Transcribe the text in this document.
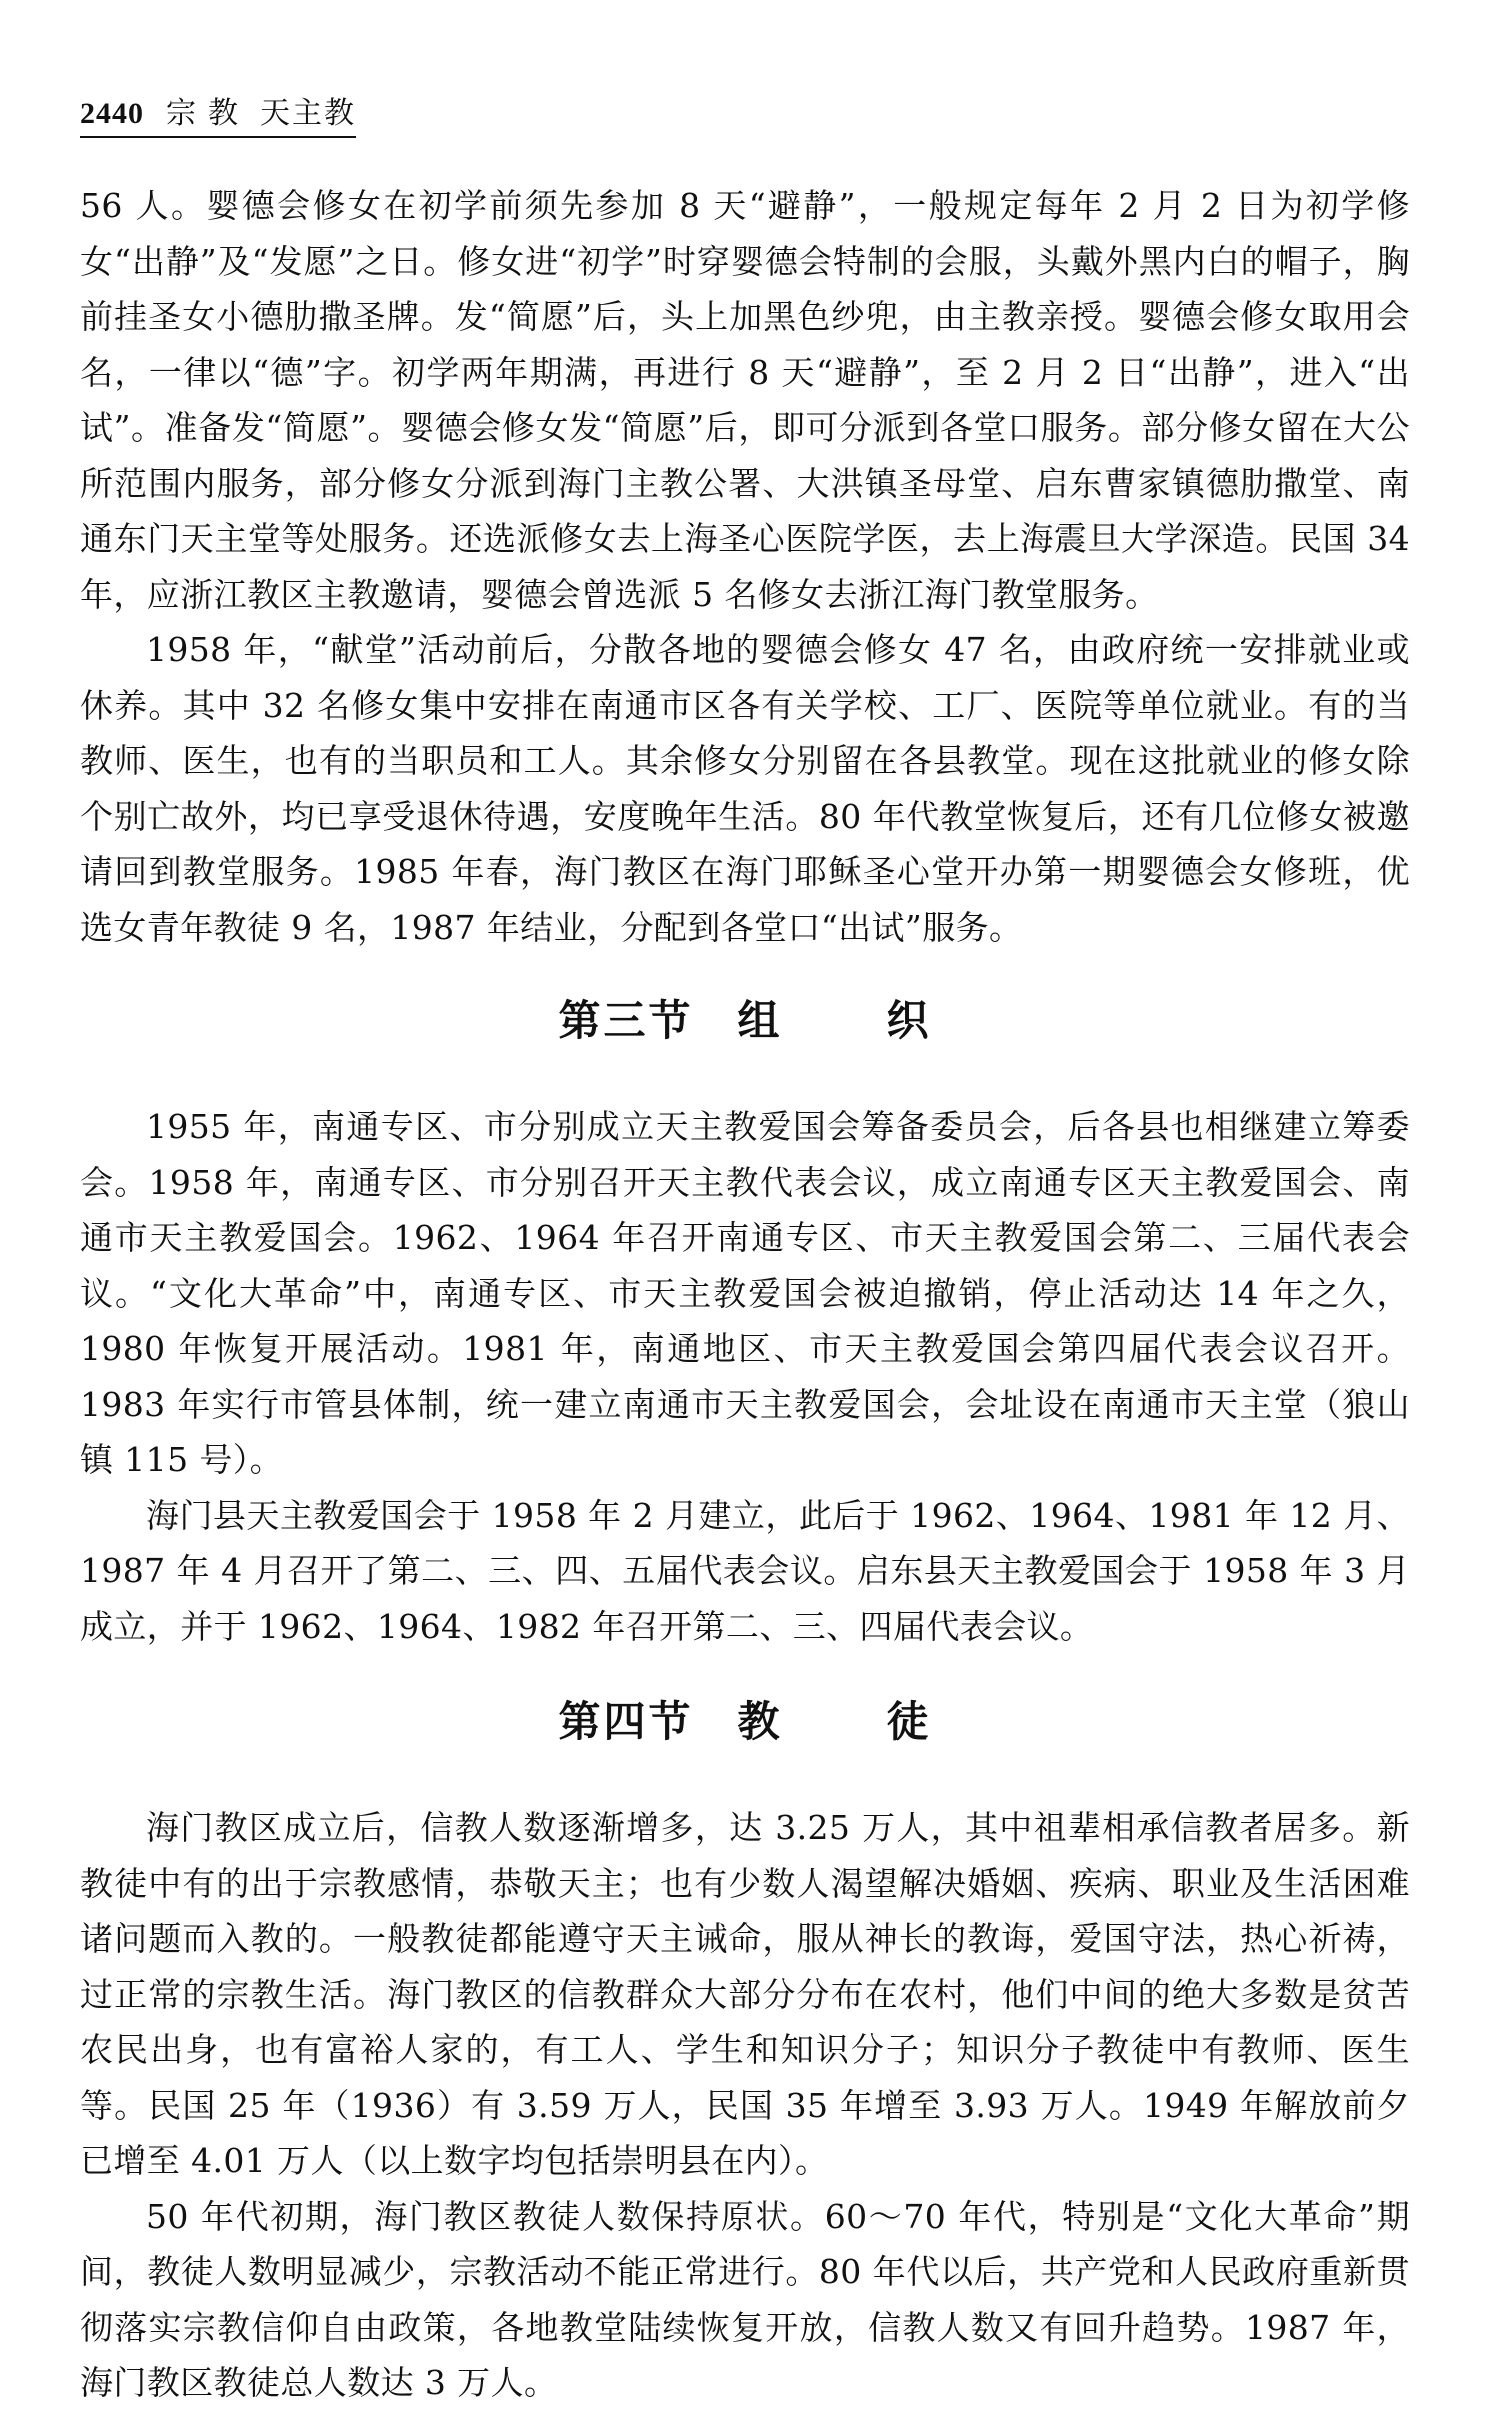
2440 宗教 天主教

56 人。婴德会修女在初学前须先参加 8 天“避静”，一般规定每年 2 月 2 日为初学修女“出静”及“发愿”之日。修女进“初学”时穿婴德会特制的会服，头戴外黑内白的帽子，胸前挂圣女小德肋撒圣牌。发“简愿”后，头上加黑色纱兜，由主教亲授。婴德会修女取用会名，一律以“德”字。初学两年期满，再进行 8 天“避静”，至 2 月 2 日“出静”，进入“出试”。准备发“简愿”。婴德会修女发“简愿”后，即可分派到各堂口服务。部分修女留在大公所范围内服务，部分修女分派到海门主教公署、大洪镇圣母堂、启东曹家镇德肋撒堂、南通东门天主堂等处服务。还选派修女去上海圣心医院学医，去上海震旦大学深造。民国 34 年，应浙江教区主教邀请，婴德会曾选派 5 名修女去浙江海门教堂服务。

1958 年，“献堂”活动前后，分散各地的婴德会修女 47 名，由政府统一安排就业或休养。其中 32 名修女集中安排在南通市区各有关学校、工厂、医院等单位就业。有的当教师、医生，也有的当职员和工人。其余修女分别留在各县教堂。现在这批就业的修女除个别亡故外，均已享受退休待遇，安度晚年生活。80 年代教堂恢复后，还有几位修女被邀请回到教堂服务。1985 年春，海门教区在海门耶稣圣心堂开办第一期婴德会女修班，优选女青年教徒 9 名，1987 年结业，分配到各堂口“出试”服务。

第三节 组 织

1955 年，南通专区、市分别成立天主教爱国会筹备委员会，后各县也相继建立筹委会。1958 年，南通专区、市分别召开天主教代表会议，成立南通专区天主教爱国会、南通市天主教爱国会。1962、1964 年召开南通专区、市天主教爱国会第二、三届代表会议。“文化大革命”中，南通专区、市天主教爱国会被迫撤销，停止活动达 14 年之久，1980 年恢复开展活动。1981 年，南通地区、市天主教爱国会第四届代表会议召开。1983 年实行市管县体制，统一建立南通市天主教爱国会，会址设在南通市天主堂（狼山镇 115 号）。

海门县天主教爱国会于 1958 年 2 月建立，此后于 1962、1964、1981 年 12 月、1987 年 4 月召开了第二、三、四、五届代表会议。启东县天主教爱国会于 1958 年 3 月成立，并于 1962、1964、1982 年召开第二、三、四届代表会议。

第四节 教 徒

海门教区成立后，信教人数逐渐增多，达 3.25 万人，其中祖辈相承信教者居多。新教徒中有的出于宗教感情，恭敬天主；也有少数人渴望解决婚姻、疾病、职业及生活困难诸问题而入教的。一般教徒都能遵守天主诫命，服从神长的教诲，爱国守法，热心祈祷，过正常的宗教生活。海门教区的信教群众大部分分布在农村，他们中间的绝大多数是贫苦农民出身，也有富裕人家的，有工人、学生和知识分子；知识分子教徒中有教师、医生等。民国 25 年（1936）有 3.59 万人，民国 35 年增至 3.93 万人。1949 年解放前夕已增至 4.01 万人（以上数字均包括崇明县在内）。

50 年代初期，海门教区教徒人数保持原状。60～70 年代，特别是“文化大革命”期间，教徒人数明显减少，宗教活动不能正常进行。80 年代以后，共产党和人民政府重新贯彻落实宗教信仰自由政策，各地教堂陆续恢复开放，信教人数又有回升趋势。1987 年，海门教区教徒总人数达 3 万人。
